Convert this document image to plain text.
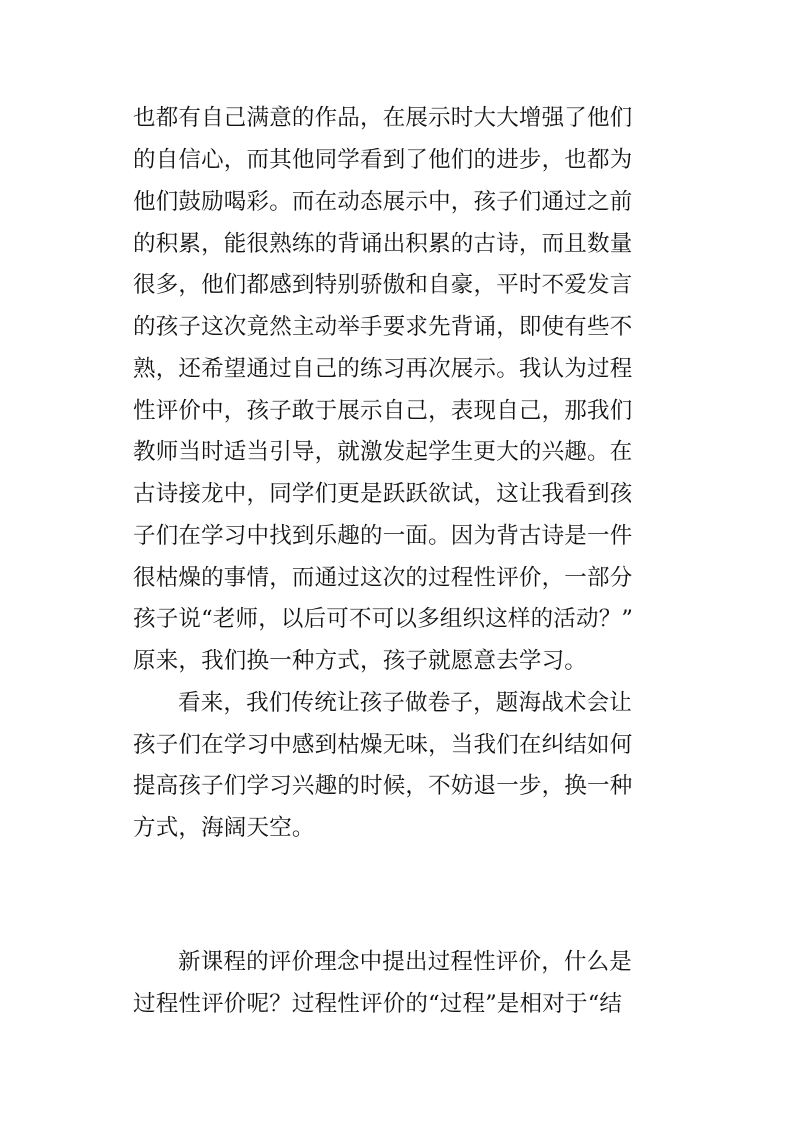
也都有自己满意的作品，在展示时大大增强了他们
的自信心，而其他同学看到了他们的进步，也都为
他们鼓励喝彩。而在动态展示中，孩子们通过之前
的积累，能很熟练的背诵出积累的古诗，而且数量
很多，他们都感到特别骄傲和自豪，平时不爱发言
的孩子这次竟然主动举手要求先背诵，即使有些不
熟，还希望通过自己的练习再次展示。我认为过程
性评价中，孩子敢于展示自己，表现自己，那我们
教师当时适当引导，就激发起学生更大的兴趣。在
古诗接龙中，同学们更是跃跃欲试，这让我看到孩
子们在学习中找到乐趣的一面。因为背古诗是一件
很枯燥的事情，而通过这次的过程性评价，一部分
孩子说“老师，以后可不可以多组织这样的活动？”
原来，我们换一种方式，孩子就愿意去学习。
看来，我们传统让孩子做卷子，题海战术会让
孩子们在学习中感到枯燥无味，当我们在纠结如何
提高孩子们学习兴趣的时候，不妨退一步，换一种
方式，海阔天空。
新课程的评价理念中提出过程性评价，什么是
过程性评价呢？过程性评价的“过程”是相对于“结
